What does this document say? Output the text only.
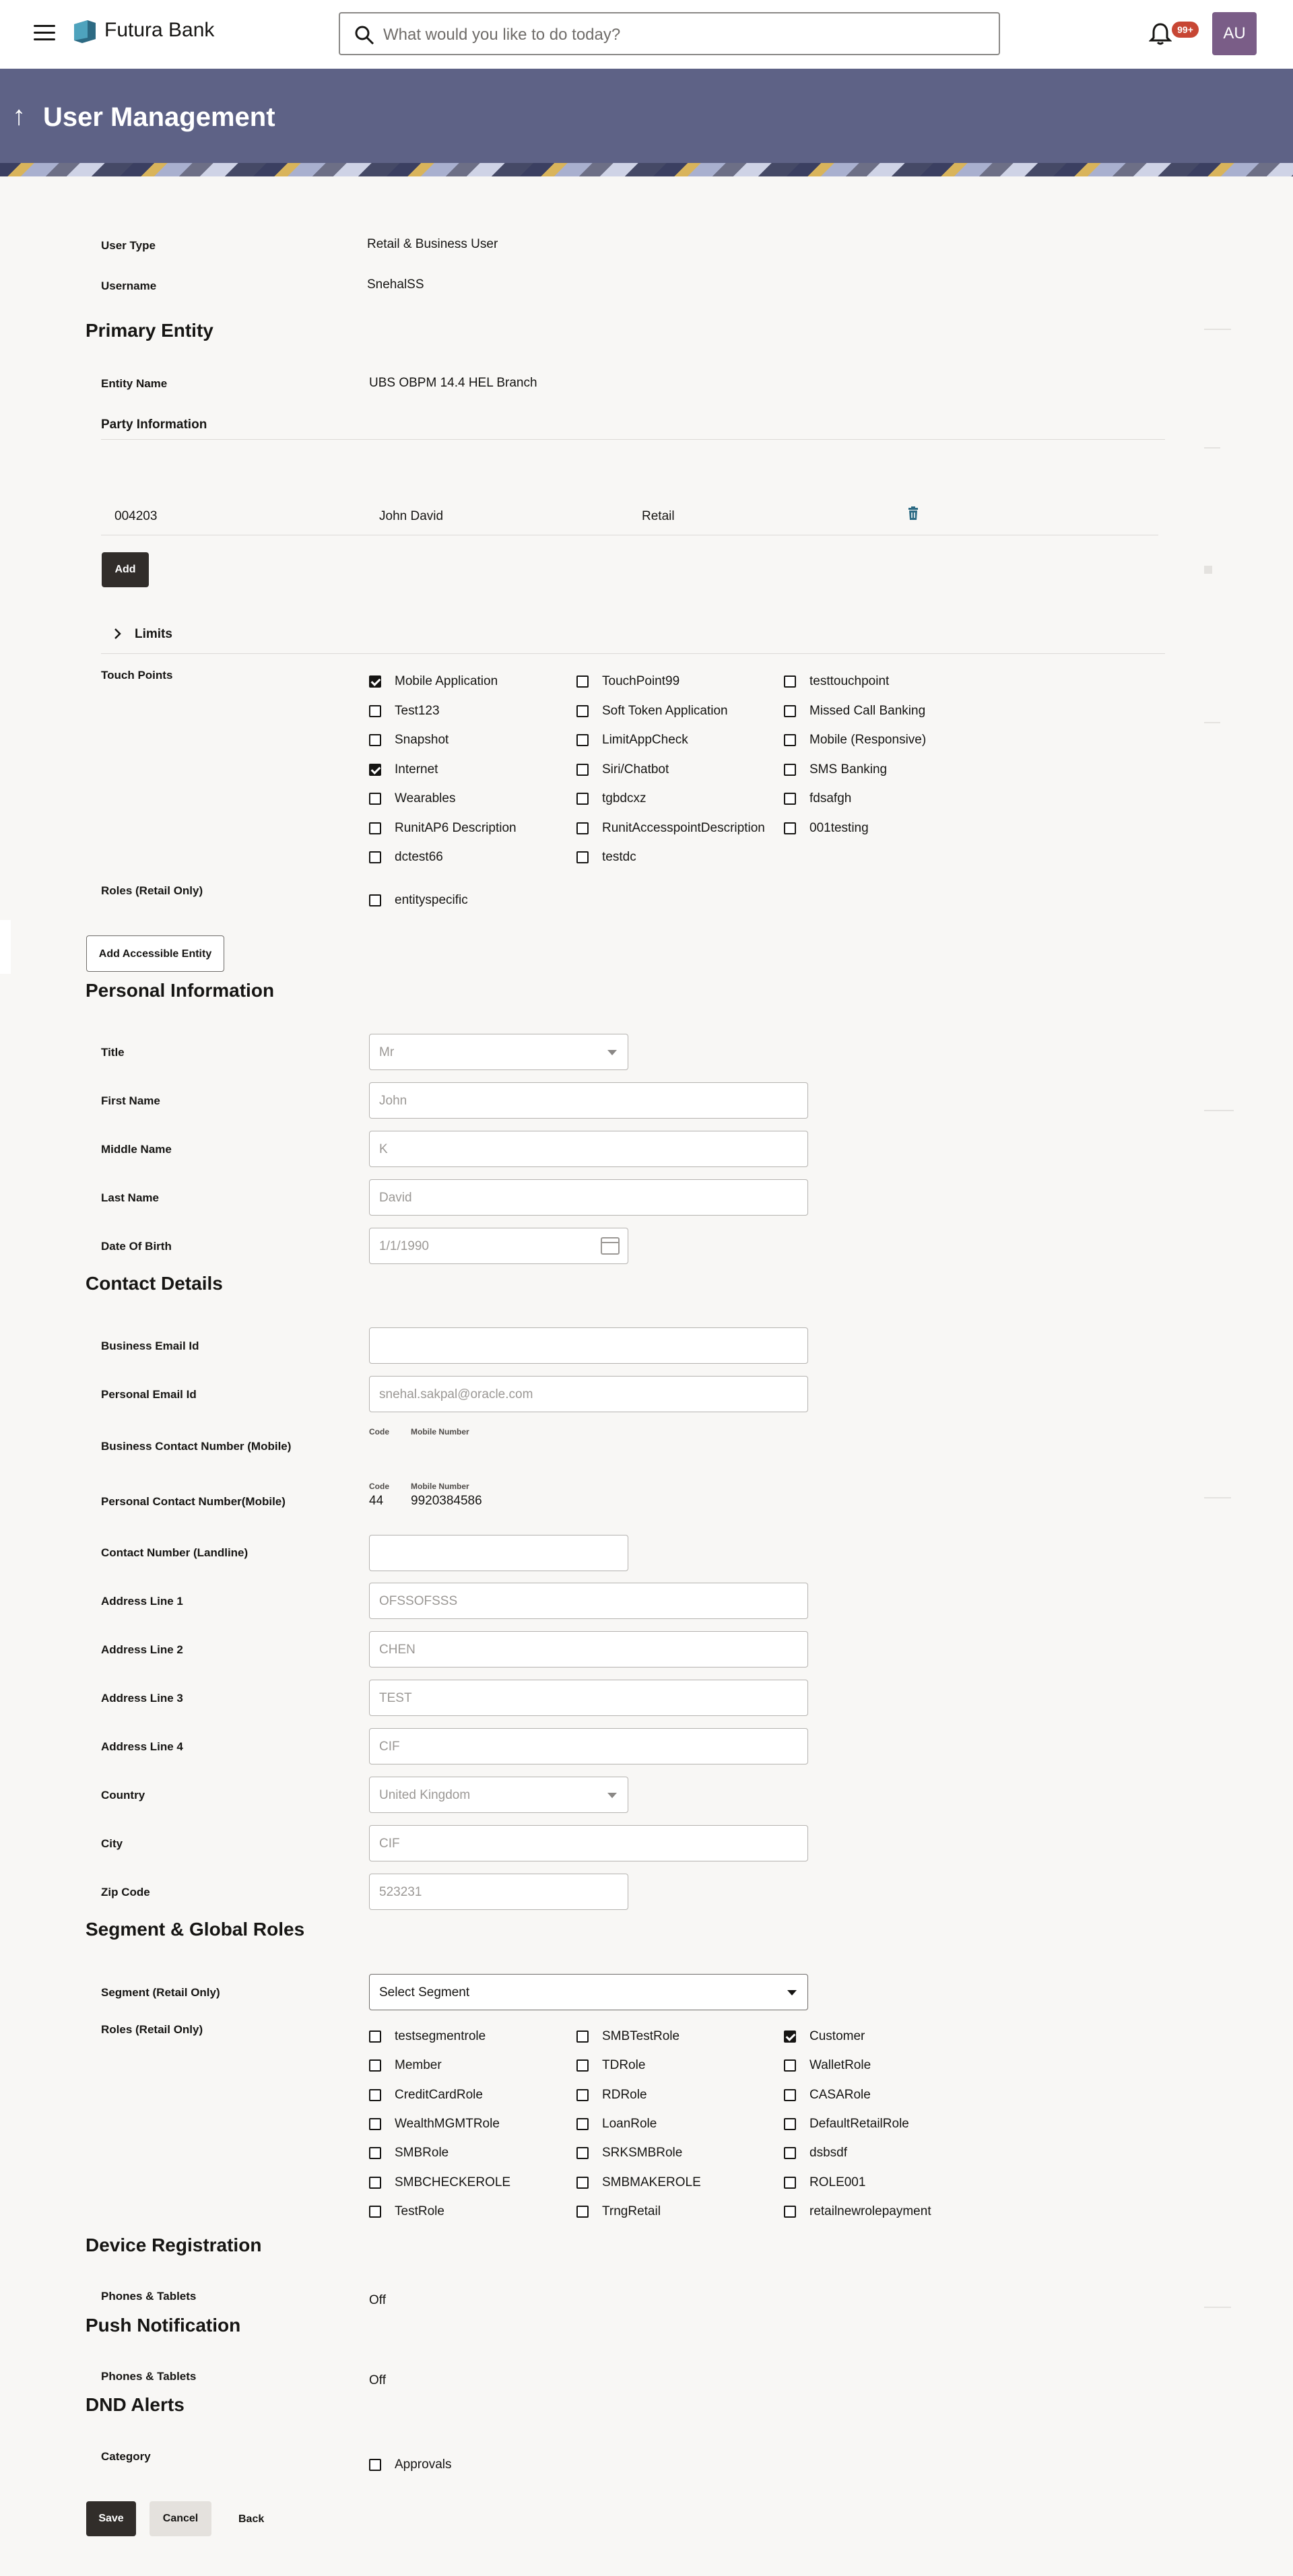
Futura Bank	What would you like to do today?	99+	AU
↑ User Management
User Type	Retail & Business User
Username	SnehalSS
Primary Entity
Entity Name	UBS OBPM 14.4 HEL Branch
Party Information
004203	John David	Retail
Add
Limits
Touch Points	Mobile Application	TouchPoint99	testtouchpoint
Test123	Soft Token Application	Missed Call Banking
Snapshot	LimitAppCheck	Mobile (Responsive)
Internet	Siri/Chatbot	SMS Banking
Wearables	tgbdcxz	fdsafgh
RunitAP6 Description	RunitAccesspointDescription	001testing
dctest66	testdc
Roles (Retail Only)
entityspecific
Add Accessible Entity
Personal Information
Title	Mr
First Name	John
Middle Name	K
Last Name	David
Date Of Birth	1/1/1990
Contact Details
Business Email Id
Personal Email Id	snehal.sakpal@oracle.com
Code	Mobile Number
Business Contact Number (Mobile)
Code	Mobile Number
Personal Contact Number(Mobile)	44 9920384586
Contact Number (Landline)
Address Line 1	OFSSOFSSS
Address Line 2	CHEN
Address Line 3	TEST
Address Line 4	CIF
Country	United Kingdom
City	CIF
Zip Code	523231
Segment & Global Roles
Segment (Retail Only)	Select Segment
Roles (Retail Only)	testsegmentrole	SMBTestRole	Customer
Member	TDRole	WalletRole
CreditCardRole	RDRole	CASARole
WealthMGMTRole	LoanRole	DefaultRetailRole
SMBRole	SRKSMBRole	dsbsdf
SMBCHECKEROLE	SMBMAKEROLE	ROLE001
TestRole	TrngRetail	retailnewrolepayment
Device Registration
Phones & Tablets	Off
Push Notification
Phones & Tablets	Off
DND Alerts
Category
Approvals
Save	Cancel	Back
